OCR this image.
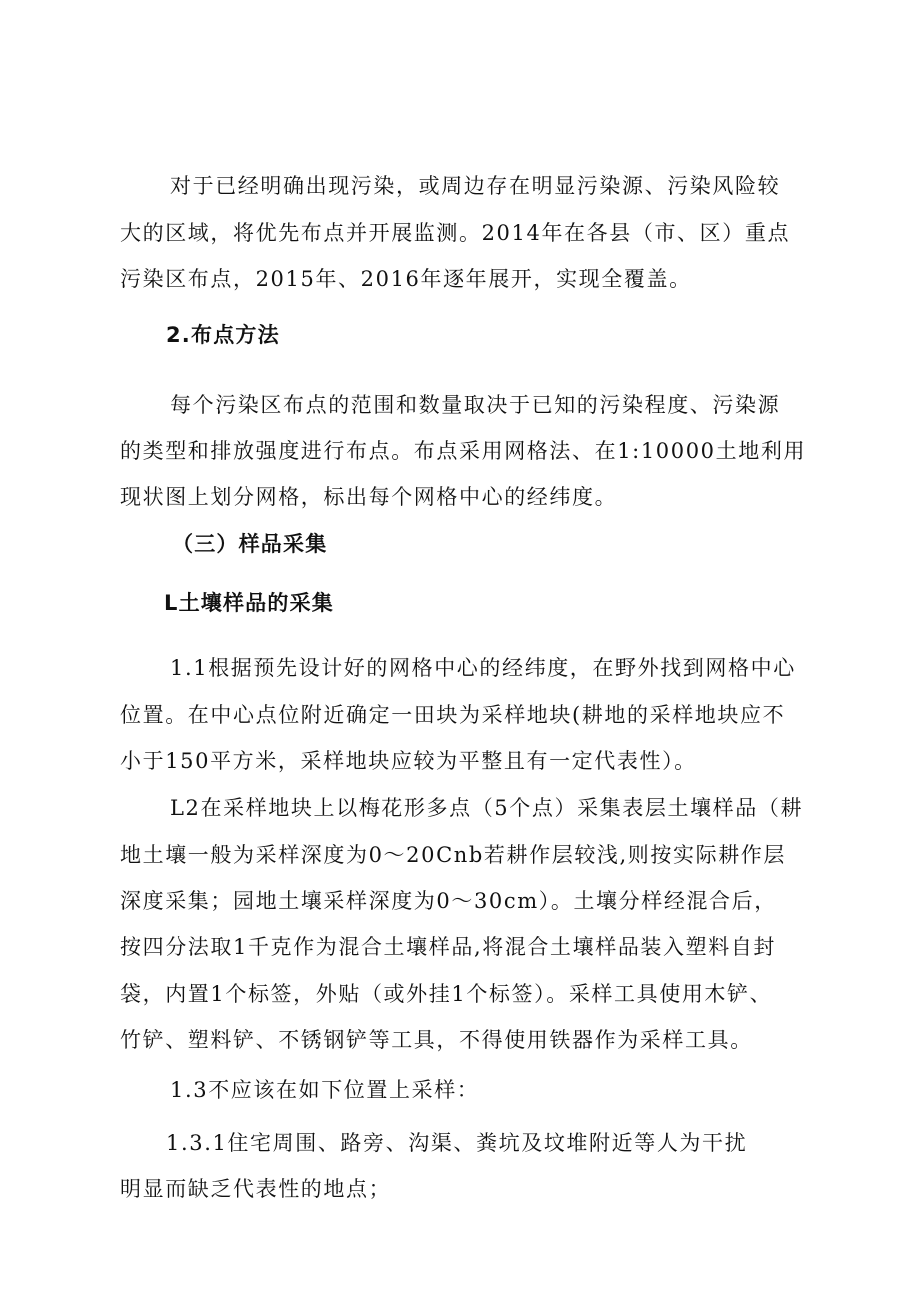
对于已经明确出现污染，或周边存在明显污染源、污染风险较
大的区域，将优先布点并开展监测。2014年在各县（市、区）重点
污染区布点，2015年、2016年逐年展开，实现全覆盖。
2.布点方法
每个污染区布点的范围和数量取决于已知的污染程度、污染源
的类型和排放强度进行布点。布点采用网格法、在1:10000土地利用
现状图上划分网格，标出每个网格中心的经纬度。
（三）样品采集
L土壤样品的采集
1.1根据预先设计好的网格中心的经纬度，在野外找到网格中心
位置。在中心点位附近确定一田块为采样地块(耕地的采样地块应不
小于150平方米，采样地块应较为平整且有一定代表性）。
L2在采样地块上以梅花形多点（5个点）采集表层土壤样品（耕
地土壤一般为采样深度为0～20Cnb若耕作层较浅,则按实际耕作层
深度采集；园地土壤采样深度为0～30cm）。土壤分样经混合后，
按四分法取1千克作为混合土壤样品,将混合土壤样品装入塑料自封
袋，内置1个标签，外贴（或外挂1个标签）。采样工具使用木铲、
竹铲、塑料铲、不锈钢铲等工具，不得使用铁器作为采样工具。
1.3不应该在如下位置上采样：
1.3.1住宅周围、路旁、沟渠、粪坑及坟堆附近等人为干扰
明显而缺乏代表性的地点；
